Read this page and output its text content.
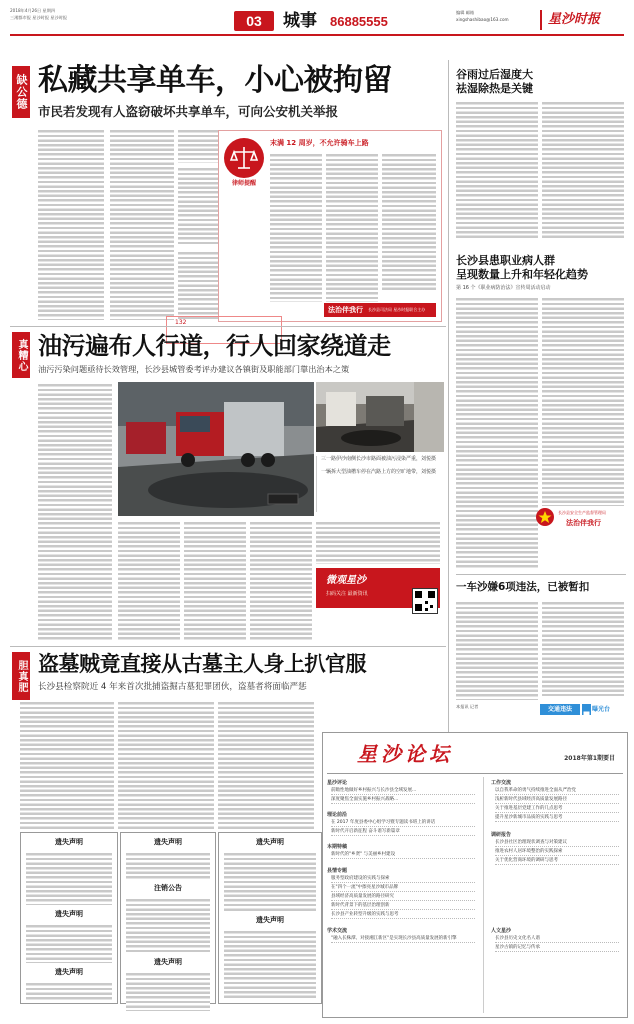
2018年4月26日 星期四
三湘都市报 星沙时报 星沙时报	03	城事 86885555
编辑 邮箱
xingshashibao@163.com	星沙时报
缺公德 私藏共享单车，小心被拘留
市民若发现有人盗窃破坏共享单车，可向公安机关举报
律师提醒
末满 12 周岁，不允许骑车上路
法治伴我行 长沙县司法局 星沙时报联合主办
132
谷雨过后湿度大
祛湿除热是关键
长沙县患职业病人群
呈现数量上升和年轻化趋势
第 16 个《职业病防治法》宣传周活动启动
长沙县安全生产监督管理局
法治伴我行
一车沙嫌6项违法，已被暂扣
本报讯 记者	交通违法	曝光台
真糟心 油污遍布人行道，行人回家绕道走
油污污染问题亟待长效管理，长沙县城管委考评办建议各镇街及职能部门靠出治本之策
三一路伊沙南侧长沙市路面被油污浸染严重，刘悦摄
一辆拆大型油槽车停在汽路上方的空旷地带，刘悦摄
微观星沙
扫码关注 最新资讯
胆真肥 盗墓贼竟直接从古墓主人身上扒官服
长沙县检察院近 4 年来首次批捕盗掘古墓犯罪团伙，盗墓者将面临严惩
遗失声明
遗失声明
遗失声明
遗失声明
注销公告
遗失声明
遗失声明
遗失声明
星沙论坛	2018年第1期要目
星沙评论
前瞻性地做好乡村振兴与长沙县全域发展...
深度聚焦全面实施乡村振兴战略...
理论前沿
在 2017 年度县委中心组学习暨专题读书班上的讲话
新时代开启新征程 奋斗谱写新篇章
本期特稿
新时代的"乡贤" 与美丽乡村建设
县情专题
服务型政府建设的实践与探索
在"四个一流"中擦亮星沙城市品牌
县域经济高质量发展的路径研究
新时代背景下的基层治理创新
长沙县产业转型升级的实践与思考
学术交流
"融入长株潭、对接湘江新区"是实现长沙县高质量发展的新引擎
工作交流
以自我革命的勇气持续推进全面从严治党
浅析新时代县域经济高质量发展路径
关于推进基层党建工作的几点思考
提升星沙新城市品质的实践与思考
调研报告
长沙县社区治理现状调查与对策建议
推进农村人居环境整治的实践探索
关于优化营商环境的调研与思考
人文星沙
长沙县历史文化名人谱
星沙古镇的记忆与传承
